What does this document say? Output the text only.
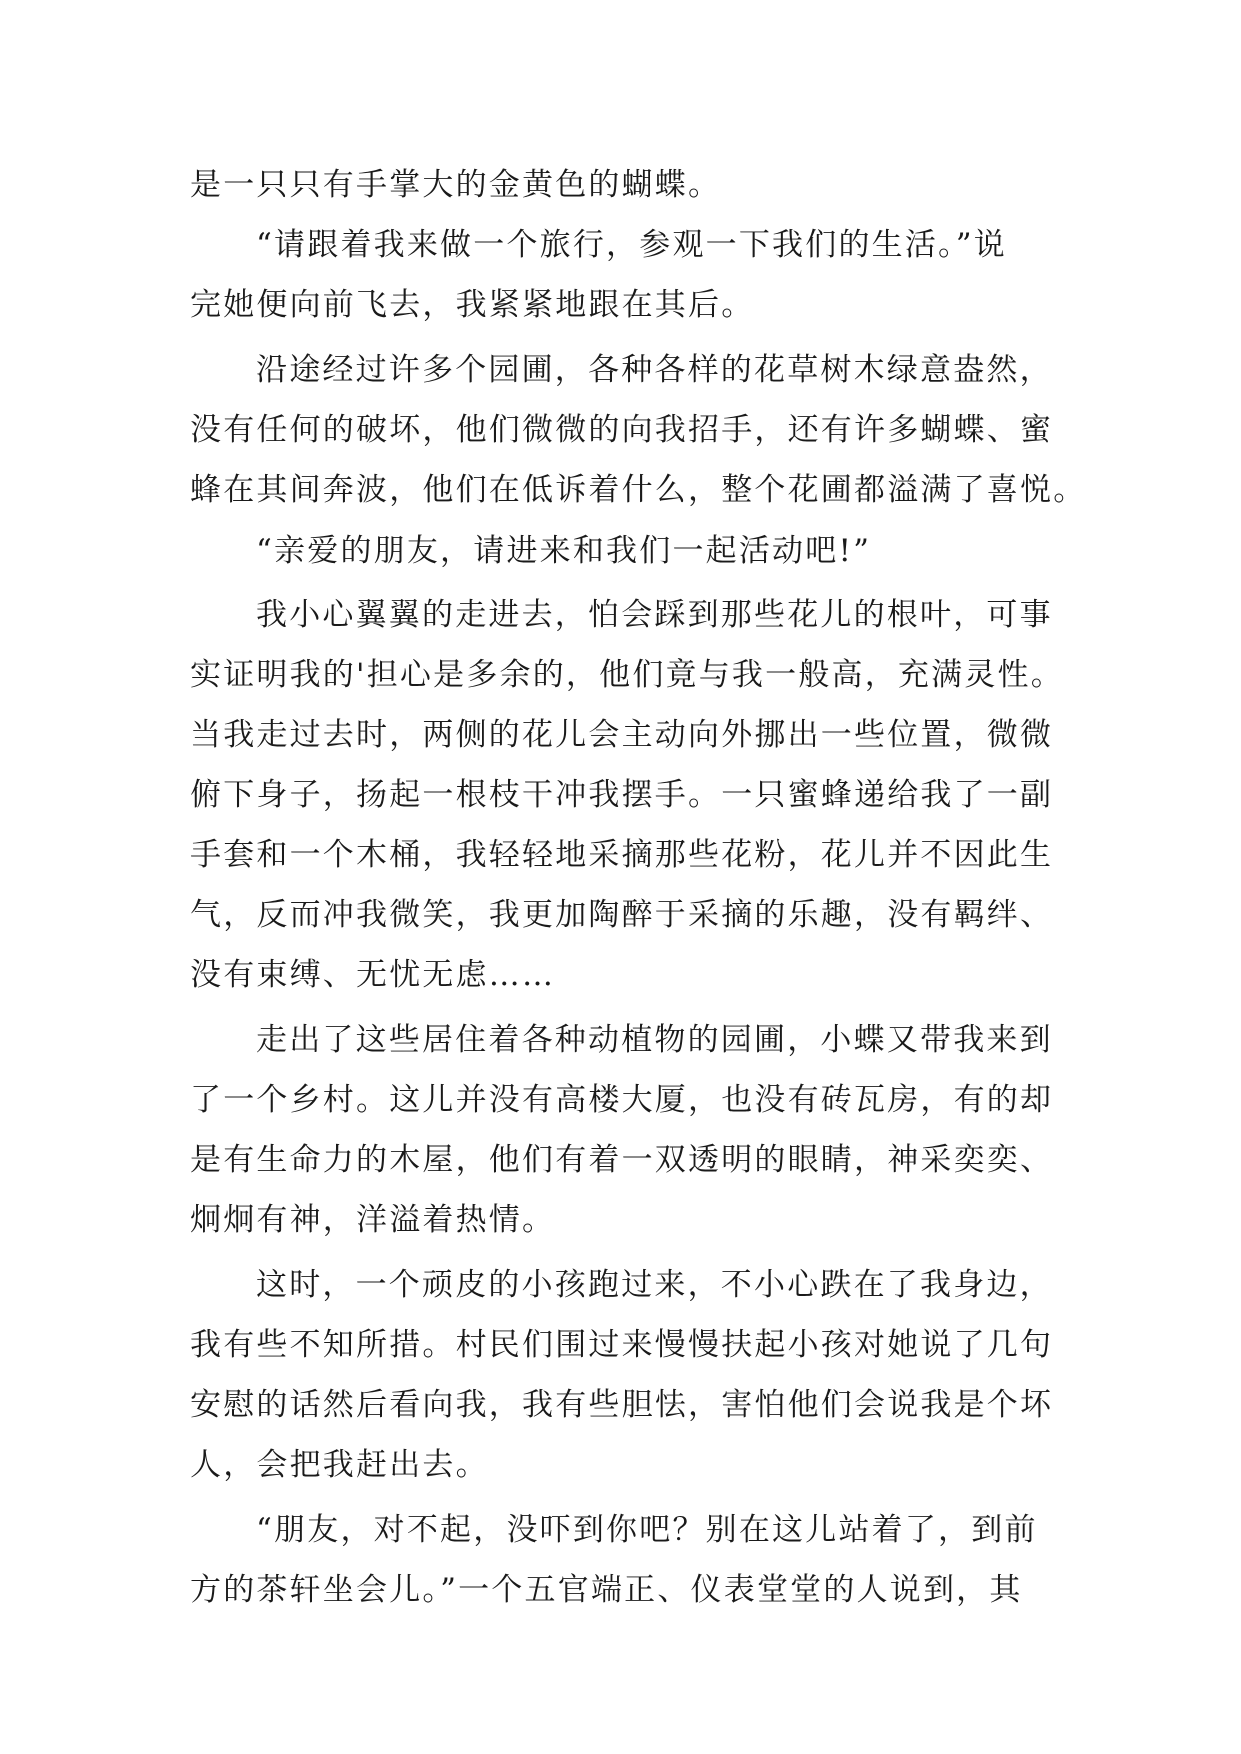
是一只只有手掌大的金黄色的蝴蝶。
“请跟着我来做一个旅行，参观一下我们的生活。”说
完她便向前飞去，我紧紧地跟在其后。
沿途经过许多个园圃，各种各样的花草树木绿意盎然，
没有任何的破坏，他们微微的向我招手，还有许多蝴蝶、蜜
蜂在其间奔波，他们在低诉着什么，整个花圃都溢满了喜悦。
“亲爱的朋友，请进来和我们一起活动吧!”
我小心翼翼的走进去，怕会踩到那些花儿的根叶，可事
实证明我的'担心是多余的，他们竟与我一般高，充满灵性。
当我走过去时，两侧的花儿会主动向外挪出一些位置，微微
俯下身子，扬起一根枝干冲我摆手。一只蜜蜂递给我了一副
手套和一个木桶，我轻轻地采摘那些花粉，花儿并不因此生
气，反而冲我微笑，我更加陶醉于采摘的乐趣，没有羁绊、
没有束缚、无忧无虑……
走出了这些居住着各种动植物的园圃，小蝶又带我来到
了一个乡村。这儿并没有高楼大厦，也没有砖瓦房，有的却
是有生命力的木屋，他们有着一双透明的眼睛，神采奕奕、
炯炯有神，洋溢着热情。
这时，一个顽皮的小孩跑过来，不小心跌在了我身边，
我有些不知所措。村民们围过来慢慢扶起小孩对她说了几句
安慰的话然后看向我，我有些胆怯，害怕他们会说我是个坏
人，会把我赶出去。
“朋友，对不起，没吓到你吧？别在这儿站着了，到前
方的茶轩坐会儿。”一个五官端正、仪表堂堂的人说到，其
